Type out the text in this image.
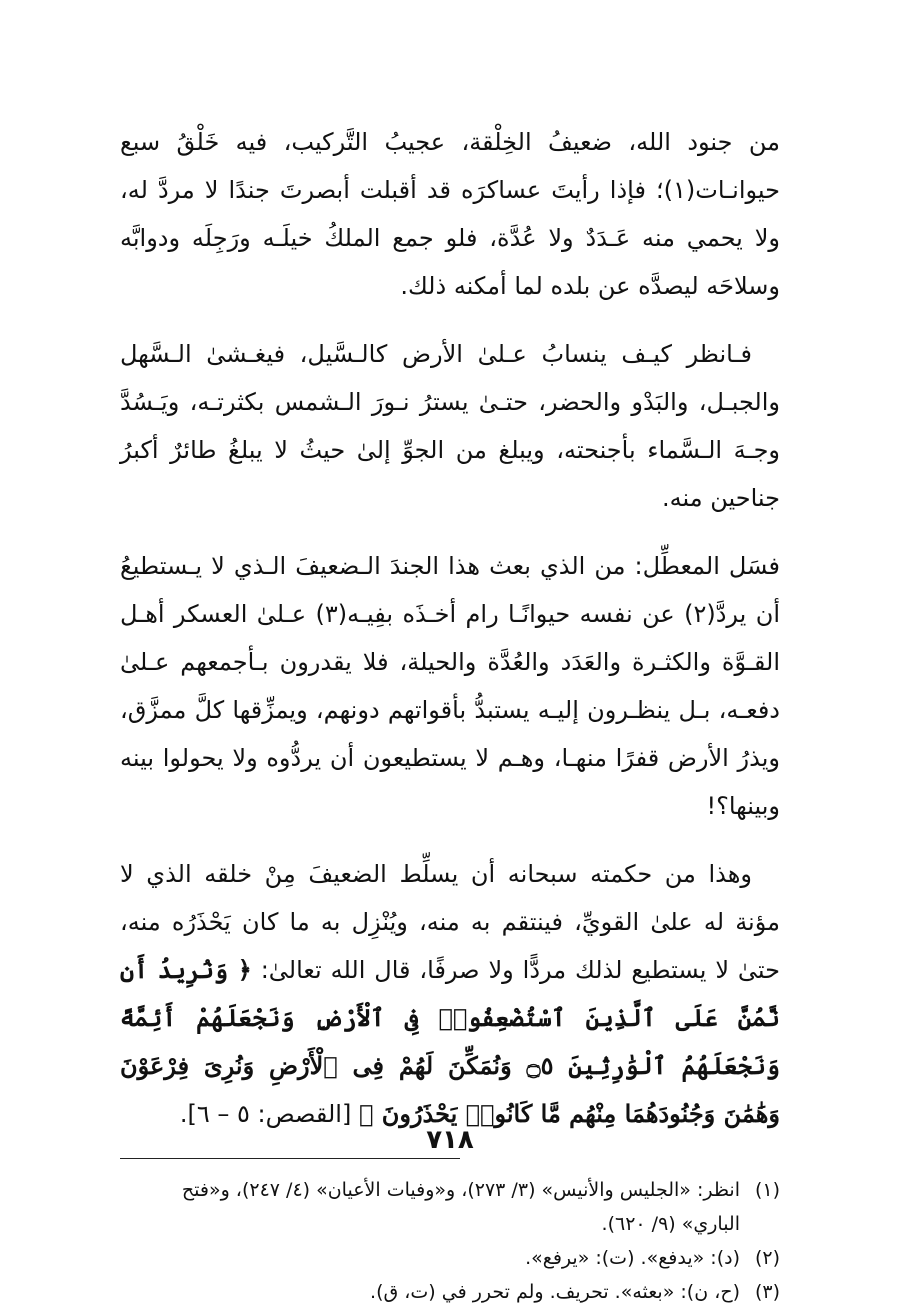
من جنود الله، ضعيفُ الخِلْقة، عجيبُ التَّركيب، فيه خَلْقُ سبع حيوانـات(١)؛ فإذا رأيتَ عساكرَه قد أقبلت أبصرتَ جندًا لا مردَّ له، ولا يحمي منه عَـدَدٌ ولا عُدَّة، فلو جمع الملكُ خيلَـه ورَجِلَه ودوابَّه وسلاحَه ليصدَّه عن بلده لما أمكنه ذلك.

فـانظر كيـف ينسابُ عـلىٰ الأرض كالـسَّيل، فيغـشىٰ الـسَّهل والجبـل، والبَدْو والحضر، حتـىٰ يسترُ نـورَ الـشمس بكثرتـه، ويَـسُدَّ وجـهَ الـسَّماء بأجنحته، ويبلغ من الجوِّ إلىٰ حيثُ لا يبلغُ طائرٌ أكبرُ جناحين منه.

فسَل المعطِّل: من الذي بعث هذا الجندَ الـضعيفَ الـذي لا يـستطيعُ أن يردَّ(٢) عن نفسه حيوانًـا رام أخـذَه بفِيـه(٣) عـلىٰ العسكر أهـل القـوَّة والكثـرة والعَدَد والعُدَّة والحيلة، فلا يقدرون بـأجمعهم عـلىٰ دفعـه، بـل ينظـرون إليـه يستبدُّ بأقواتهم دونهم، ويمزِّقها كلَّ ممزَّق، ويذرُ الأرض قفرًا منهـا، وهـم لا يستطيعون أن يردُّوه ولا يحولوا بينه وبينها؟!

وهذا من حكمته سبحانه أن يسلِّط الضعيفَ مِنْ خلقه الذي لا مؤنة له علىٰ القويِّ، فينتقم به منه، ويُنْزِل به ما كان يَحْذَرُه منه، حتىٰ لا يستطيع لذلك مردًّا ولا صرفًا، قال الله تعالىٰ: ﴿ وَنُرِيدُ أَن نَّمُنَّ عَلَى ٱلَّذِينَ ٱسْتُضْعِفُوا۟ فِى ٱلْأَرْضِ وَنَجْعَلَهُمْ أَئِمَّةً وَنَجْعَلَهُمُ ٱلْوَٰرِثِينَ ۝٥ وَنُمَكِّنَ لَهُمْ فِى ٱلْأَرْضِ وَنُرِىَ فِرْعَوْنَ وَهَٰمَٰنَ وَجُنُودَهُمَا مِنْهُم مَّا كَانُوا۟ يَحْذَرُونَ ﴾ [القصص: ٥ – ٦].

(١)
انظر: «الجليس والأنيس» (٣/ ٢٧٣)، و«وفيات الأعيان» (٤/ ٢٤٧)، و«فتح الباري» (٩/ ٦٢٠).
(٢)
(د): «يدفع». (ت): «يرفع».
(٣)
(ح، ن): «بعثه». تحريف. ولم تحرر في (ت، ق).
٧١٨
